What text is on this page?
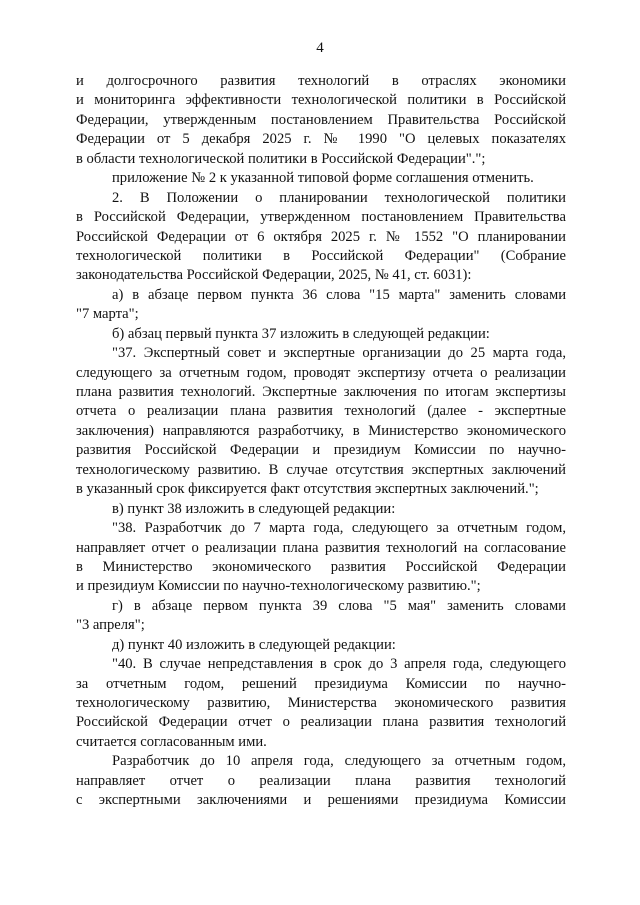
4
и долгосрочного развития технологий в отраслях экономики
и мониторинга эффективности технологической политики в Российской
Федерации, утвержденным постановлением Правительства Российской
Федерации от 5 декабря 2025 г. № 1990 "О целевых показателях
в области технологической политики в Российской Федерации".";
приложение № 2 к указанной типовой форме соглашения отменить.
2. В Положении о планировании технологической политики
в Российской Федерации, утвержденном постановлением Правительства
Российской Федерации от 6 октября 2025 г. № 1552 "О планировании
технологической политики в Российской Федерации" (Собрание
законодательства Российской Федерации, 2025, № 41, ст. 6031):
а) в абзаце первом пункта 36 слова "15 марта" заменить словами
"7 марта";
б) абзац первый пункта 37 изложить в следующей редакции:
"37. Экспертный совет и экспертные организации до 25 марта года,
следующего за отчетным годом, проводят экспертизу отчета о реализации
плана развития технологий. Экспертные заключения по итогам экспертизы
отчета о реализации плана развития технологий (далее - экспертные
заключения) направляются разработчику, в Министерство экономического
развития Российской Федерации и президиум Комиссии по научно-
технологическому развитию. В случае отсутствия экспертных заключений
в указанный срок фиксируется факт отсутствия экспертных заключений.";
в) пункт 38 изложить в следующей редакции:
"38. Разработчик до 7 марта года, следующего за отчетным годом,
направляет отчет о реализации плана развития технологий на согласование
в Министерство экономического развития Российской Федерации
и президиум Комиссии по научно-технологическому развитию.";
г) в абзаце первом пункта 39 слова "5 мая" заменить словами
"3 апреля";
д) пункт 40 изложить в следующей редакции:
"40. В случае непредставления в срок до 3 апреля года, следующего
за отчетным годом, решений президиума Комиссии по научно-
технологическому развитию, Министерства экономического развития
Российской Федерации отчет о реализации плана развития технологий
считается согласованным ими.
Разработчик до 10 апреля года, следующего за отчетным годом,
направляет отчет о реализации плана развития технологий
с экспертными заключениями и решениями президиума Комиссии
